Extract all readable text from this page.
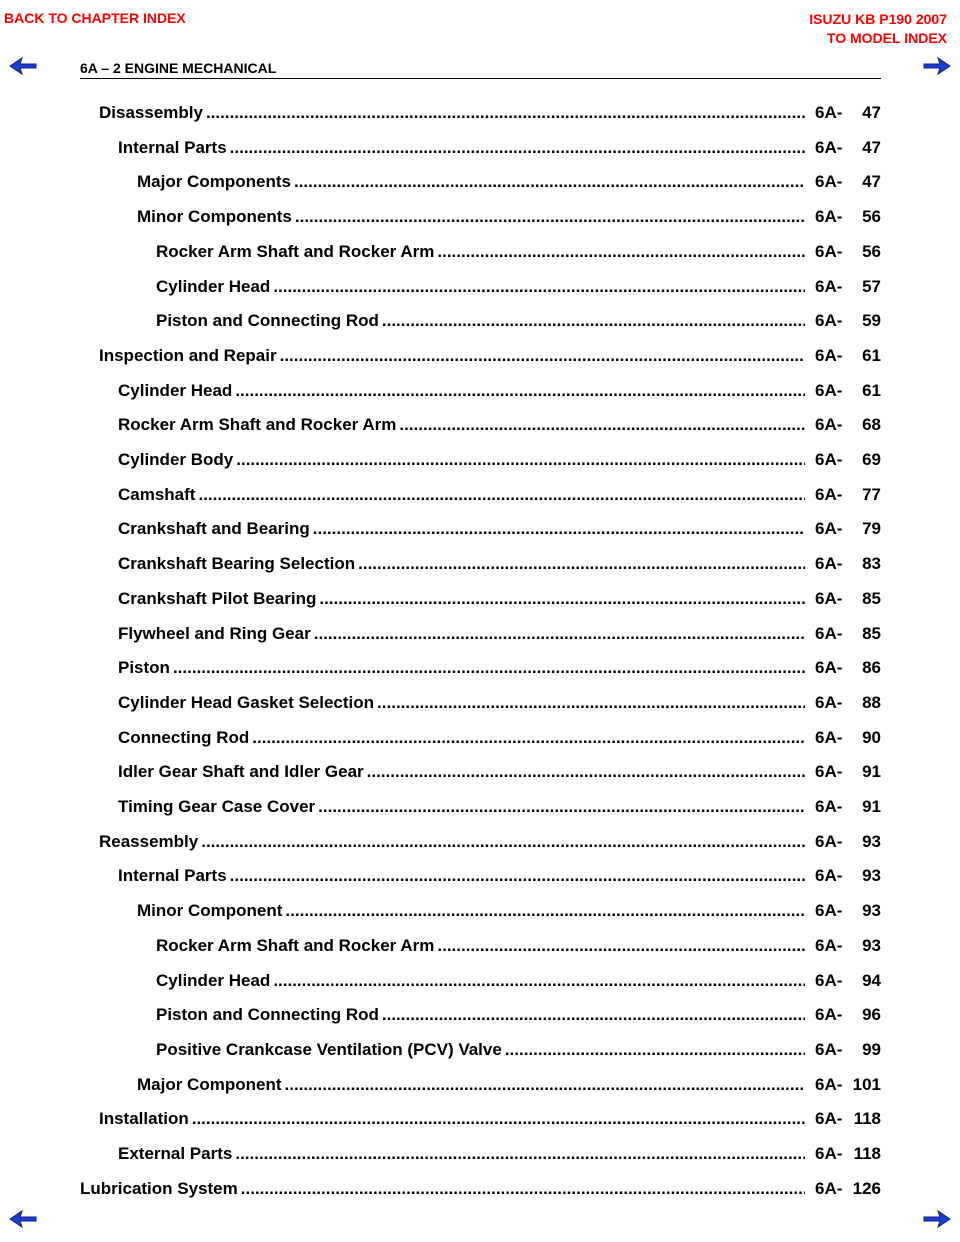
BACK TO CHAPTER INDEX	ISUZU KB P190 2007
TO MODEL INDEX
6A – 2 ENGINE MECHANICAL
Disassembly .....	6A-	47
Internal Parts .....	6A-	47
Major Components .....	6A-	47
Minor Components .....	6A-	56
Rocker Arm Shaft and Rocker Arm .....	6A-	56
Cylinder Head .....	6A-	57
Piston and Connecting Rod .....	6A-	59
Inspection and Repair .....	6A-	61
Cylinder Head .....	6A-	61
Rocker Arm Shaft and Rocker Arm .....	6A-	68
Cylinder Body .....	6A-	69
Camshaft .....	6A-	77
Crankshaft and Bearing .....	6A-	79
Crankshaft Bearing Selection .....	6A-	83
Crankshaft Pilot Bearing .....	6A-	85
Flywheel and Ring Gear .....	6A-	85
Piston .....	6A-	86
Cylinder Head Gasket Selection .....	6A-	88
Connecting Rod .....	6A-	90
Idler Gear Shaft and Idler Gear .....	6A-	91
Timing Gear Case Cover .....	6A-	91
Reassembly .....	6A-	93
Internal Parts .....	6A-	93
Minor Component .....	6A-	93
Rocker Arm Shaft and Rocker Arm .....	6A-	93
Cylinder Head .....	6A-	94
Piston and Connecting Rod .....	6A-	96
Positive Crankcase Ventilation (PCV) Valve .....	6A-	99
Major Component .....	6A- 101
Installation .....	6A- 118
External Parts .....	6A- 118
Lubrication System .....	6A- 126
